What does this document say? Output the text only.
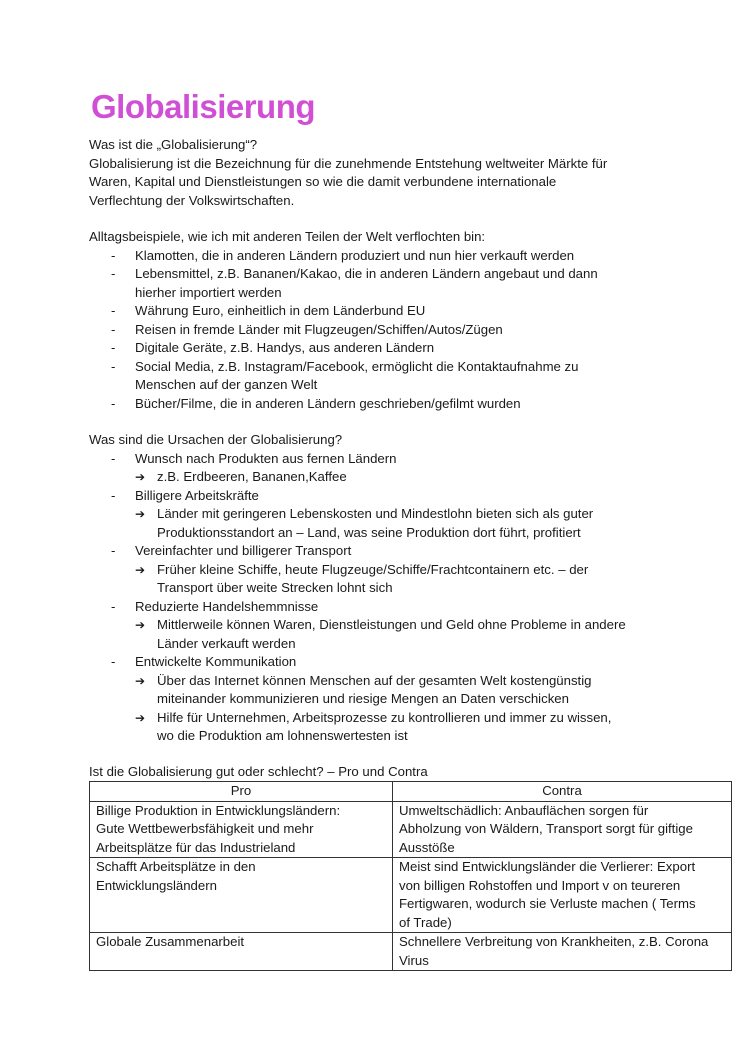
Globalisierung

Was ist die „Globalisierung“?

Globalisierung ist die Bezeichnung für die zunehmende Entstehung weltweiter Märkte für

Waren, Kapital und Dienstleistungen so wie die damit verbundene internationale

Verflechtung der Volkswirtschaften.

Alltagsbeispiele, wie ich mit anderen Teilen der Welt verflochten bin:

- Klamotten, die in anderen Ländern produziert und nun hier verkauft werden
- Lebensmittel, z.B. Bananen/Kakao, die in anderen Ländern angebaut und dann
hierher importiert werden
- Währung Euro, einheitlich in dem Länderbund EU
- Reisen in fremde Länder mit Flugzeugen/Schiffen/Autos/Zügen
- Digitale Geräte, z.B. Handys, aus anderen Ländern
- Social Media, z.B. Instagram/Facebook, ermöglicht die Kontaktaufnahme zu
Menschen auf der ganzen Welt
- Bücher/Filme, die in anderen Ländern geschrieben/gefilmt wurden

Was sind die Ursachen der Globalisierung?

- Wunsch nach Produkten aus fernen Ländern
➔ z.B. Erdbeeren, Bananen,Kaffee
- Billigere Arbeitskräfte
➔ Länder mit geringeren Lebenskosten und Mindestlohn bieten sich als guter
Produktionsstandort an – Land, was seine Produktion dort führt, profitiert
- Vereinfachter und billigerer Transport
➔ Früher kleine Schiffe, heute Flugzeuge/Schiffe/Frachtcontainern etc. – der
Transport über weite Strecken lohnt sich
- Reduzierte Handelshemmnisse
➔ Mittlerweile können Waren, Dienstleistungen und Geld ohne Probleme in andere
Länder verkauft werden
- Entwickelte Kommunikation
➔ Über das Internet können Menschen auf der gesamten Welt kostengünstig
miteinander kommunizieren und riesige Mengen an Daten verschicken
➔ Hilfe für Unternehmen, Arbeitsprozesse zu kontrollieren und immer zu wissen,
wo die Produktion am lohnenswertesten ist
Ist die Globalisierung gut oder schlecht? – Pro und Contra
Pro	Contra

Billige Produktion in Entwicklungsländern:
Gute Wettbewerbsfähigkeit und mehr
Arbeitsplätze für das Industrieland	Umweltschädlich: Anbauflächen sorgen für
Abholzung von Wäldern, Transport sorgt für giftige
Ausstöße

Schafft Arbeitsplätze in den
Entwicklungsländern	Meist sind Entwicklungsländer die Verlierer: Export
von billigen Rohstoffen und Import v on teureren
Fertigwaren, wodurch sie Verluste machen ( Terms
of Trade)

Globale Zusammenarbeit	Schnellere Verbreitung von Krankheiten, z.B. Corona
Virus
